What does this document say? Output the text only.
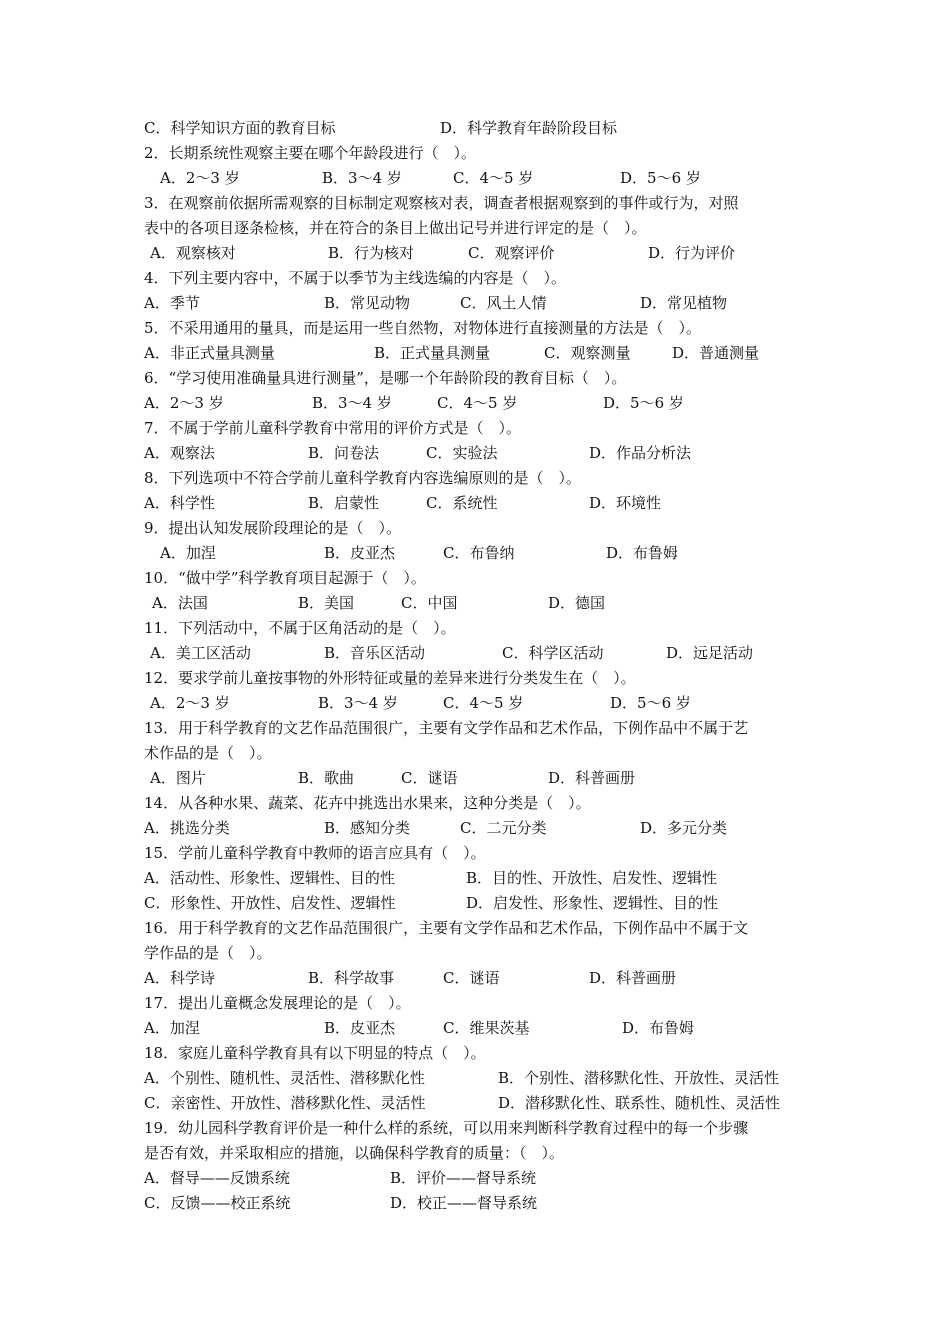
C．科学知识方面的教育目标	D．科学教育年龄阶段目标
2．长期系统性观察主要在哪个年龄段进行（　）。
A．2～3 岁	B．3～4 岁	C．4～5 岁	D．5～6 岁
3．在观察前依据所需观察的目标制定观察核对表，调查者根据观察到的事件或行为，对照
表中的各项目逐条检核，并在符合的条目上做出记号并进行评定的是（　）。
A．观察核对	B．行为核对	C．观察评价	D．行为评价
4．下列主要内容中，不属于以季节为主线选编的内容是（　）。
A．季节	B．常见动物	C．风土人情	D．常见植物
5．不采用通用的量具，而是运用一些自然物，对物体进行直接测量的方法是（　）。
A．非正式量具测量	B．正式量具测量	C．观察测量	D．普通测量
6．“学习使用准确量具进行测量”，是哪一个年龄阶段的教育目标（　）。
A．2～3 岁	B．3～4 岁	C．4～5 岁	D．5～6 岁
7．不属于学前儿童科学教育中常用的评价方式是（　）。
A．观察法	B．问卷法	C．实验法	D．作品分析法
8．下列选项中不符合学前儿童科学教育内容选编原则的是（　）。
A．科学性	B．启蒙性	C．系统性	D．环境性
9．提出认知发展阶段理论的是（　）。
A．加涅	B．皮亚杰	C．布鲁纳	D．布鲁姆
10．“做中学”科学教育项目起源于（　）。
A．法国	B．美国	C．中国	D．德国
11．下列活动中，不属于区角活动的是（　）。
A．美工区活动	B．音乐区活动	C．科学区活动	D．远足活动
12．要求学前儿童按事物的外形特征或量的差异来进行分类发生在（　）。
A．2～3 岁	B．3～4 岁	C．4～5 岁	D．5～6 岁
13．用于科学教育的文艺作品范围很广，主要有文学作品和艺术作品，下例作品中不属于艺
术作品的是（　）。
A．图片	B．歌曲	C．谜语	D．科普画册
14．从各种水果、蔬菜、花卉中挑选出水果来，这种分类是（　）。
A．挑选分类	B．感知分类	C．二元分类	D．多元分类
15．学前儿童科学教育中教师的语言应具有（　）。
A．活动性、形象性、逻辑性、目的性	B．目的性、开放性、启发性、逻辑性
C．形象性、开放性、启发性、逻辑性	D．启发性、形象性、逻辑性、目的性
16．用于科学教育的文艺作品范围很广，主要有文学作品和艺术作品，下例作品中不属于文
学作品的是（　）。
A．科学诗	B．科学故事	C．谜语	D．科普画册
17．提出儿童概念发展理论的是（　）。
A．加涅	B．皮亚杰	C．维果茨基	D．布鲁姆
18．家庭儿童科学教育具有以下明显的特点（　）。
A．个别性、随机性、灵活性、潜移默化性	B．个别性、潜移默化性、开放性、灵活性
C．亲密性、开放性、潜移默化性、灵活性	D．潜移默化性、联系性、随机性、灵活性
19．幼儿园科学教育评价是一种什么样的系统，可以用来判断科学教育过程中的每一个步骤
是否有效，并采取相应的措施，以确保科学教育的质量：（　）。
A．督导——反馈系统	B．评价——督导系统
C．反馈——校正系统	D．校正——督导系统
